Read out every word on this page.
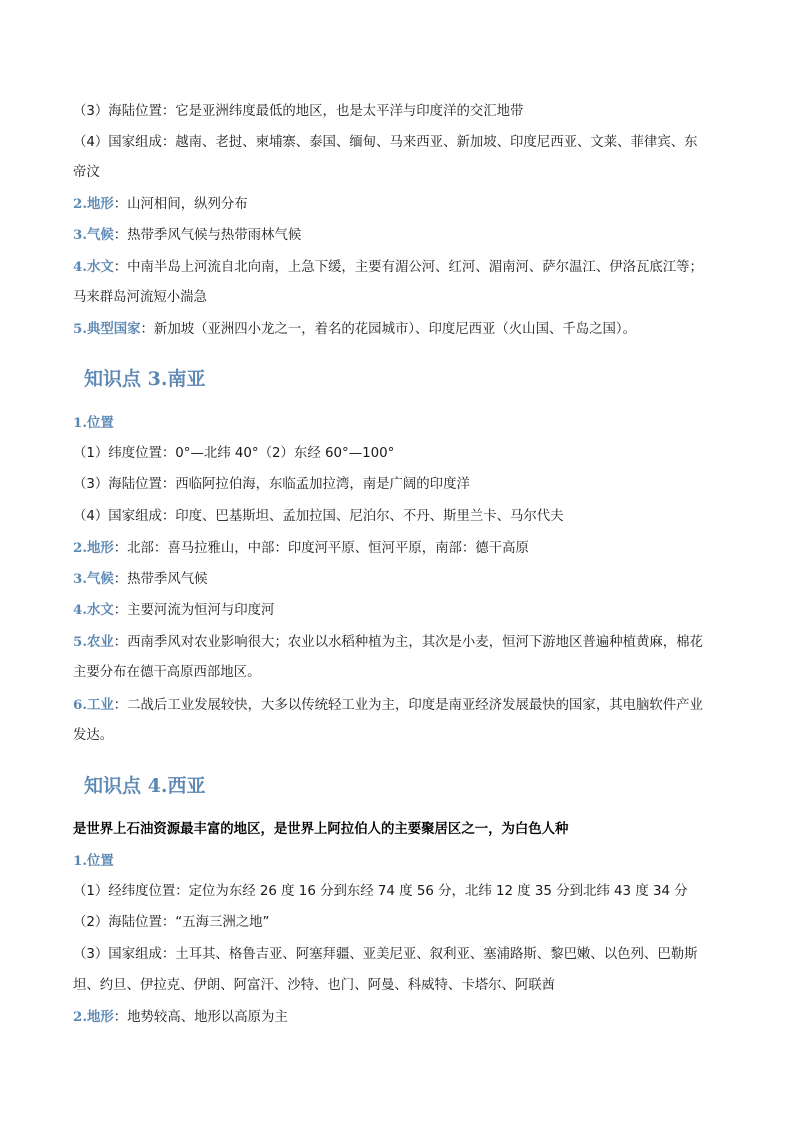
（3）海陆位置：它是亚洲纬度最低的地区，也是太平洋与印度洋的交汇地带
（4）国家组成：越南、老挝、柬埔寨、泰国、缅甸、马来西亚、新加坡、印度尼西亚、文莱、菲律宾、东
帝汶
2.地形：山河相间，纵列分布
3.气候：热带季风气候与热带雨林气候
4.水文：中南半岛上河流自北向南，上急下缓，主要有湄公河、红河、湄南河、萨尔温江、伊洛瓦底江等；
马来群岛河流短小湍急
5.典型国家：新加坡（亚洲四小龙之一，着名的花园城市）、印度尼西亚（火山国、千岛之国）。
知识点 3.南亚
1.位置
（1）纬度位置：0°—北纬 40°（2）东经 60°—100°
（3）海陆位置：西临阿拉伯海，东临孟加拉湾，南是广阔的印度洋
（4）国家组成：印度、巴基斯坦、孟加拉国、尼泊尔、不丹、斯里兰卡、马尔代夫
2.地形：北部：喜马拉雅山，中部：印度河平原、恒河平原，南部：德干高原
3.气候：热带季风气候
4.水文：主要河流为恒河与印度河
5.农业：西南季风对农业影响很大；农业以水稻种植为主，其次是小麦，恒河下游地区普遍种植黄麻，棉花
主要分布在德干高原西部地区。
6.工业：二战后工业发展较快，大多以传统轻工业为主，印度是南亚经济发展最快的国家，其电脑软件产业
发达。
知识点 4.西亚
是世界上石油资源最丰富的地区，是世界上阿拉伯人的主要聚居区之一，为白色人种
1.位置
（1）经纬度位置：定位为东经 26 度 16 分到东经 74 度 56 分，北纬 12 度 35 分到北纬 43 度 34 分
（2）海陆位置：“五海三洲之地”
（3）国家组成：土耳其、格鲁吉亚、阿塞拜疆、亚美尼亚、叙利亚、塞浦路斯、黎巴嫩、以色列、巴勒斯
坦、约旦、伊拉克、伊朗、阿富汗、沙特、也门、阿曼、科威特、卡塔尔、阿联酋
2.地形：地势较高、地形以高原为主
